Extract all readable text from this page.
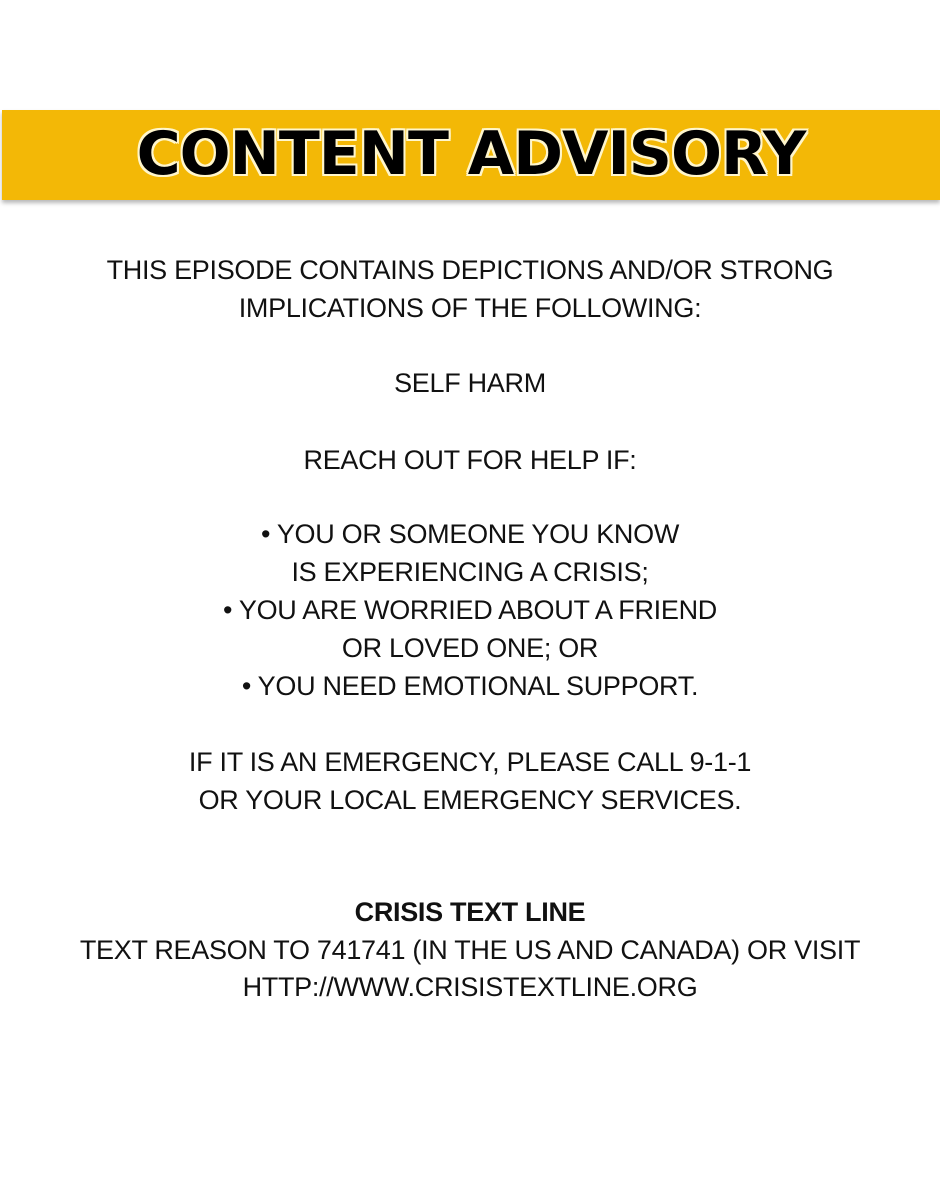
CONTENT ADVISORY

THIS EPISODE CONTAINS DEPICTIONS AND/OR STRONG

IMPLICATIONS OF THE FOLLOWING:

SELF HARM

REACH OUT FOR HELP IF:

• YOU OR SOMEONE YOU KNOW

IS EXPERIENCING A CRISIS;

• YOU ARE WORRIED ABOUT A FRIEND

OR LOVED ONE; OR

• YOU NEED EMOTIONAL SUPPORT.

IF IT IS AN EMERGENCY, PLEASE CALL 9-1-1

OR YOUR LOCAL EMERGENCY SERVICES.

CRISIS TEXT LINE

TEXT REASON TO 741741 (IN THE US AND CANADA) OR VISIT

HTTP://WWW.CRISISTEXTLINE.ORG
